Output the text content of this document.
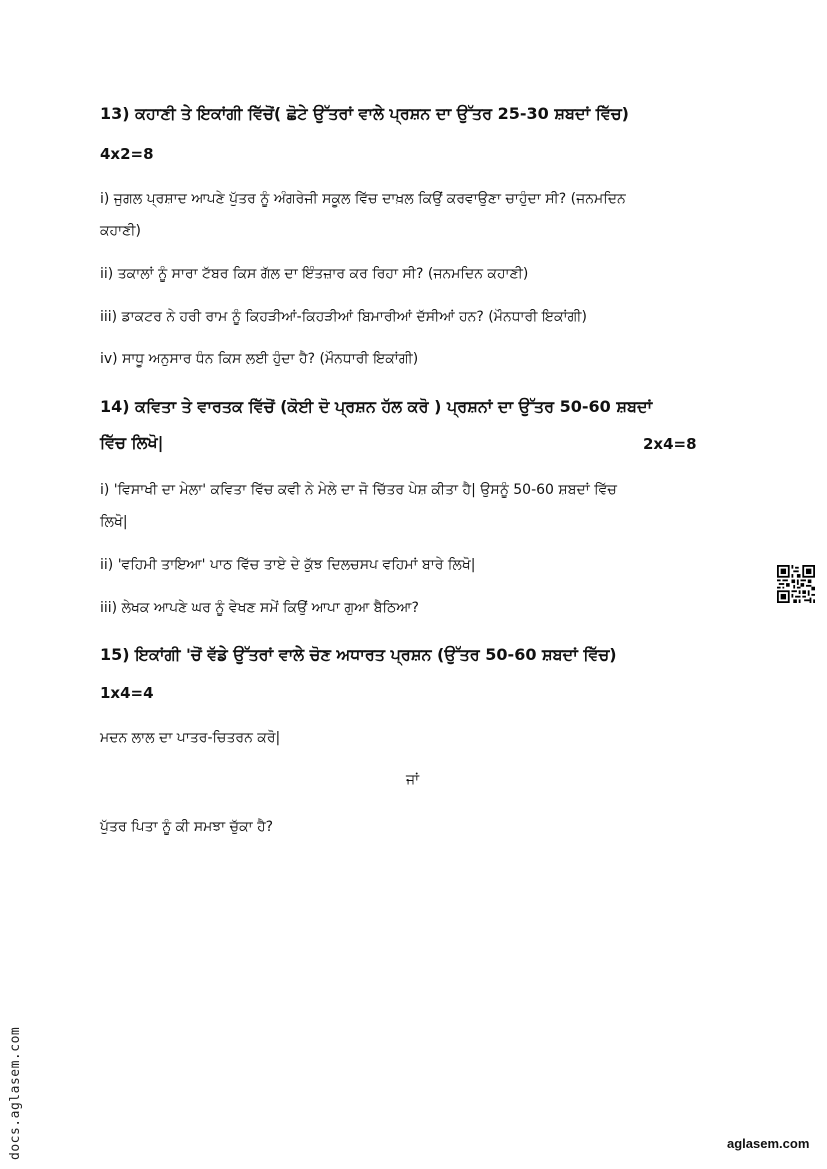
13) ਕਹਾਣੀ ਤੇ ਇਕਾਂਗੀ ਵਿੱਚੋਂ( ਛੋਟੇ ਉੱਤਰਾਂ ਵਾਲੇ ਪ੍ਰਸ਼ਨ ਦਾ ਉੱਤਰ 25-30 ਸ਼ਬਦਾਂ ਵਿੱਚ)
4x2=8
i) ਜੁਗਲ ਪ੍ਰਸ਼ਾਦ ਆਪਣੇ ਪੁੱਤਰ ਨੂੰ ਅੰਗਰੇਜੀ ਸਕੂਲ ਵਿੱਚ ਦਾਖ਼ਲ ਕਿਉਂ ਕਰਵਾਉਣਾ ਚਾਹੁੰਦਾ ਸੀ? (ਜਨਮਦਿਨ
ਕਹਾਣੀ)
ii) ਤਕਾਲਾਂ ਨੂੰ ਸਾਰਾ ਟੱਬਰ ਕਿਸ ਗੱਲ ਦਾ ਇੰਤਜ਼ਾਰ ਕਰ ਰਿਹਾ ਸੀ? (ਜਨਮਦਿਨ ਕਹਾਣੀ)
iii) ਡਾਕਟਰ ਨੇ ਹਰੀ ਰਾਮ ਨੂੰ ਕਿਹੜੀਆਂ-ਕਿਹੜੀਆਂ ਬਿਮਾਰੀਆਂ ਦੱਸੀਆਂ ਹਨ? (ਮੌਨਧਾਰੀ ਇਕਾਂਗੀ)
iv) ਸਾਧੂ ਅਨੁਸਾਰ ਧੰਨ ਕਿਸ ਲਈ ਹੁੰਦਾ ਹੈ? (ਮੌਨਧਾਰੀ ਇਕਾਂਗੀ)
14) ਕਵਿਤਾ ਤੇ ਵਾਰਤਕ ਵਿੱਚੋਂ (ਕੋਈ ਦੋ ਪ੍ਰਸ਼ਨ ਹੱਲ ਕਰੋ ) ਪ੍ਰਸ਼ਨਾਂ ਦਾ ਉੱਤਰ 50-60 ਸ਼ਬਦਾਂ
ਵਿੱਚ ਲਿਖੋ|	2x4=8
i) 'ਵਿਸਾਖੀ ਦਾ ਮੇਲਾ' ਕਵਿਤਾ ਵਿੱਚ ਕਵੀ ਨੇ ਮੇਲੇ ਦਾ ਜੋ ਚਿੱਤਰ ਪੇਸ਼ ਕੀਤਾ ਹੈ| ਉਸਨੂੰ 50-60 ਸ਼ਬਦਾਂ ਵਿੱਚ
ਲਿਖੋ|
ii) 'ਵਹਿਮੀ ਤਾਇਆ' ਪਾਠ ਵਿੱਚ ਤਾਏ ਦੇ ਕੁੱਝ ਦਿਲਚਸਪ ਵਹਿਮਾਂ ਬਾਰੇ ਲਿਖੋ|
iii) ਲੇਖਕ ਆਪਣੇ ਘਰ ਨੂੰ ਵੇਖਣ ਸਮੇਂ ਕਿਉਂ ਆਪਾ ਗੁਆ ਬੈਠਿਆ?
15) ਇਕਾਂਗੀ 'ਚੋਂ ਵੱਡੇ ਉੱਤਰਾਂ ਵਾਲੇ ਚੋਣ ਅਧਾਰਤ ਪ੍ਰਸ਼ਨ (ਉੱਤਰ 50-60 ਸ਼ਬਦਾਂ ਵਿੱਚ)
1x4=4
ਮਦਨ ਲਾਲ ਦਾ ਪਾਤਰ-ਚਿਤਰਨ ਕਰੋ|
ਜਾਂ
ਪੁੱਤਰ ਪਿਤਾ ਨੂੰ ਕੀ ਸਮਝਾ ਚੁੱਕਾ ਹੈ?
docs.aglasem.com	aglasem.com
